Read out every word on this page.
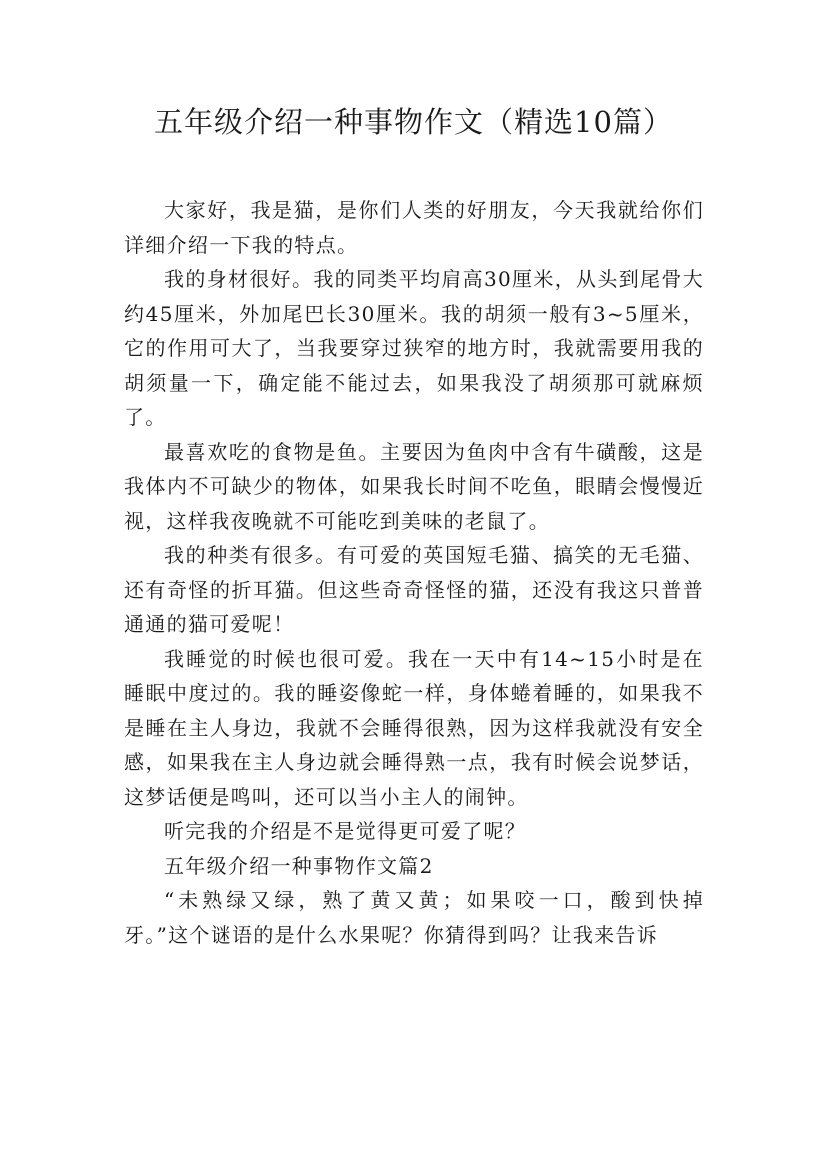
五年级介绍一种事物作文（精选10篇）

大家好，我是猫，是你们人类的好朋友，今天我就给你们详细介绍一下我的特点。

我的身材很好。我的同类平均肩高30厘米，从头到尾骨大约45厘米，外加尾巴长30厘米。我的胡须一般有3~5厘米，它的作用可大了，当我要穿过狭窄的地方时，我就需要用我的胡须量一下，确定能不能过去，如果我没了胡须那可就麻烦了。

最喜欢吃的食物是鱼。主要因为鱼肉中含有牛磺酸，这是我体内不可缺少的物体，如果我长时间不吃鱼，眼睛会慢慢近视，这样我夜晚就不可能吃到美味的老鼠了。

我的种类有很多。有可爱的英国短毛猫、搞笑的无毛猫、还有奇怪的折耳猫。但这些奇奇怪怪的猫，还没有我这只普普通通的猫可爱呢！

我睡觉的时候也很可爱。我在一天中有14~15小时是在睡眠中度过的。我的睡姿像蛇一样，身体蜷着睡的，如果我不是睡在主人身边，我就不会睡得很熟，因为这样我就没有安全感，如果我在主人身边就会睡得熟一点，我有时候会说梦话，这梦话便是鸣叫，还可以当小主人的闹钟。

听完我的介绍是不是觉得更可爱了呢？

五年级介绍一种事物作文篇2

“未熟绿又绿，熟了黄又黄；如果咬一口，酸到快掉牙。”这个谜语的是什么水果呢？你猜得到吗？让我来告诉
